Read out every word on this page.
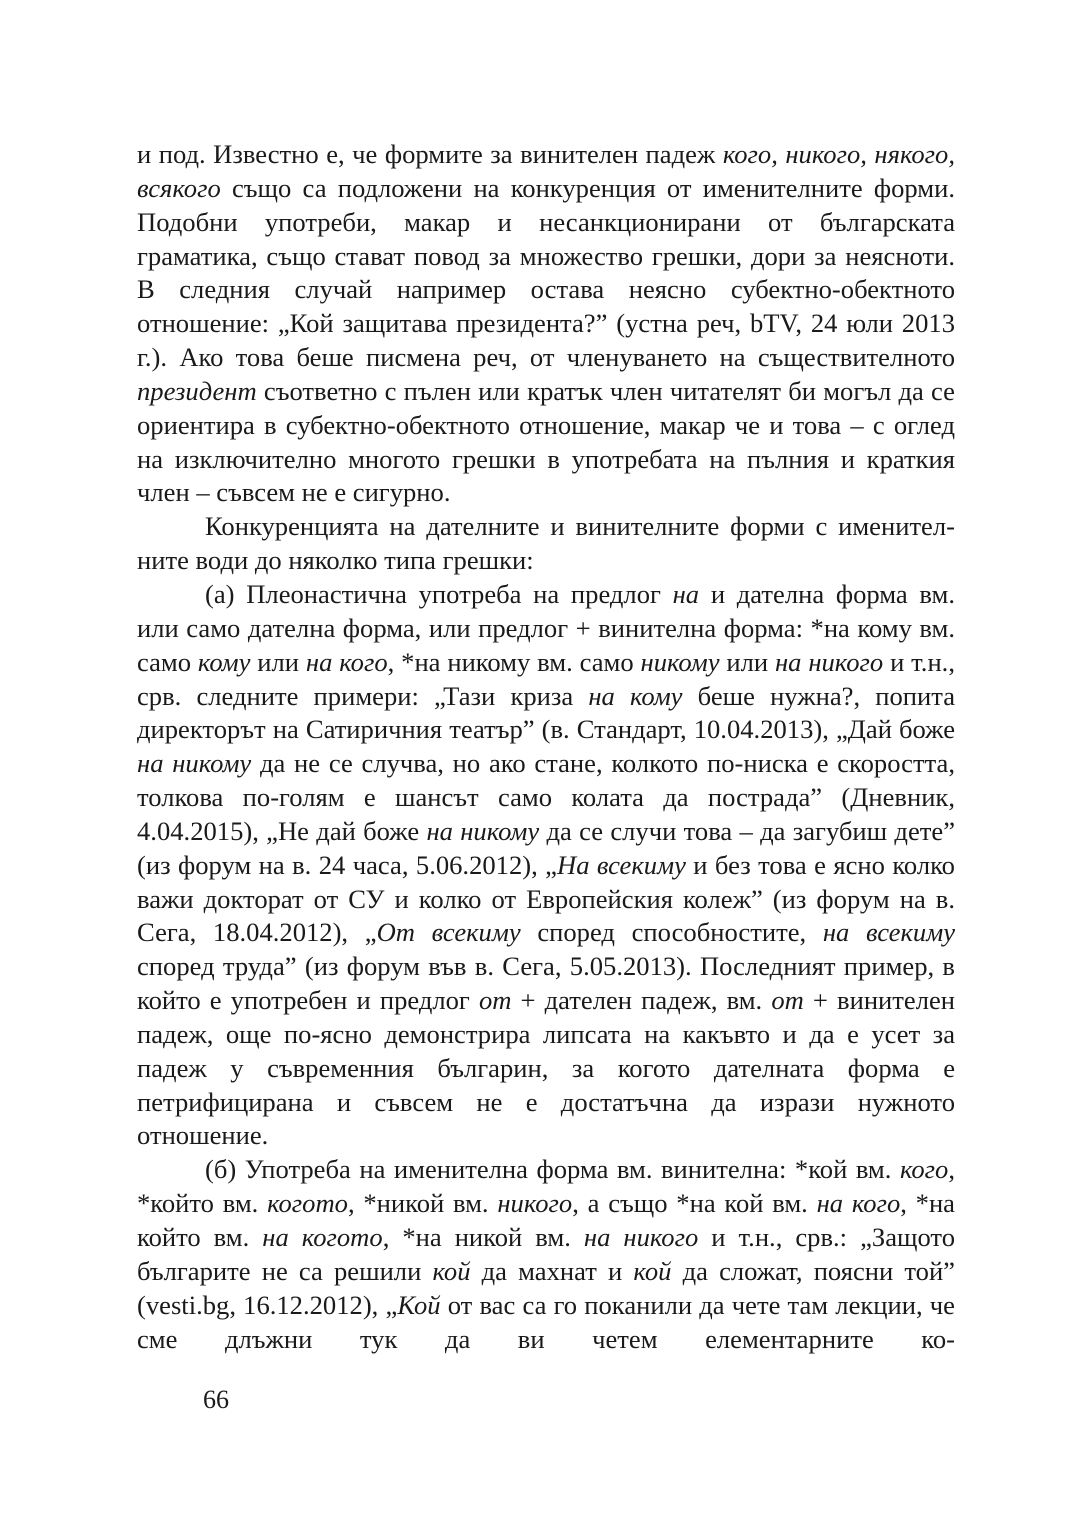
и под. Известно е, че формите за винителен падеж кого, никого, някого, всякого също са подложени на конкуренция от именителните форми. Подобни употреби, макар и несанкционирани от българската граматика, също стават повод за множество грешки, дори за неясноти. В следния случай например остава неясно субектно-обектното отношение: „Кой защитава президента?” (устна реч, bTV, 24 юли 2013 г.). Ако това беше писмена реч, от членуването на съществителното президент съответно с пълен или кратък член читателят би могъл да се ориентира в субектно-обектното отношение, макар че и това – с оглед на изключително многото грешки в употребата на пълния и краткия член – съвсем не е сигурно.

Конкуренцията на дателните и винителните форми с именителните води до няколко типа грешки:

(а) Плеонастична употреба на предлог на и дателна форма вм. или само дателна форма, или предлог + винителна форма: *на кому вм. само кому или на кого, *на никому вм. само никому или на никого и т.н., срв. следните примери: „Тази криза на кому беше нужна?, попита директорът на Сатиричния театър” (в. Стандарт, 10.04.2013), „Дай боже на никому да не се случва, но ако стане, колкото по-ниска е скоростта, толкова по-голям е шансът само колата да пострада” (Дневник, 4.04.2015), „Не дай боже на никому да се случи това – да загубиш дете” (из форум на в. 24 часа, 5.06.2012), „На всекиму и без това е ясно колко важи докторат от СУ и колко от Европейския колеж” (из форум на в. Сега, 18.04.2012), „От всекиму според способностите, на всекиму според труда” (из форум във в. Сега, 5.05.2013). Последният пример, в който е употребен и предлог от + дателен падеж, вм. от + винителен падеж, още по-ясно демонстрира липсата на какъвто и да е усет за падеж у съвременния българин, за когото дателната форма е петрифицирана и съвсем не е достатъчна да изрази нужното отношение.

(б) Употреба на именителна форма вм. винителна: *кой вм. кого, *който вм. когото, *никой вм. никого, а също *на кой вм. на кого, *на който вм. на когото, *на никой вм. на никого и т.н., срв.: „Защото българите не са решили кой да махнат и кой да сложат, поясни той” (vesti.bg, 16.12.2012), „Кой от вас са го поканили да чете там лекции, че сме длъжни тук да ви четем елементарните ко-

66
